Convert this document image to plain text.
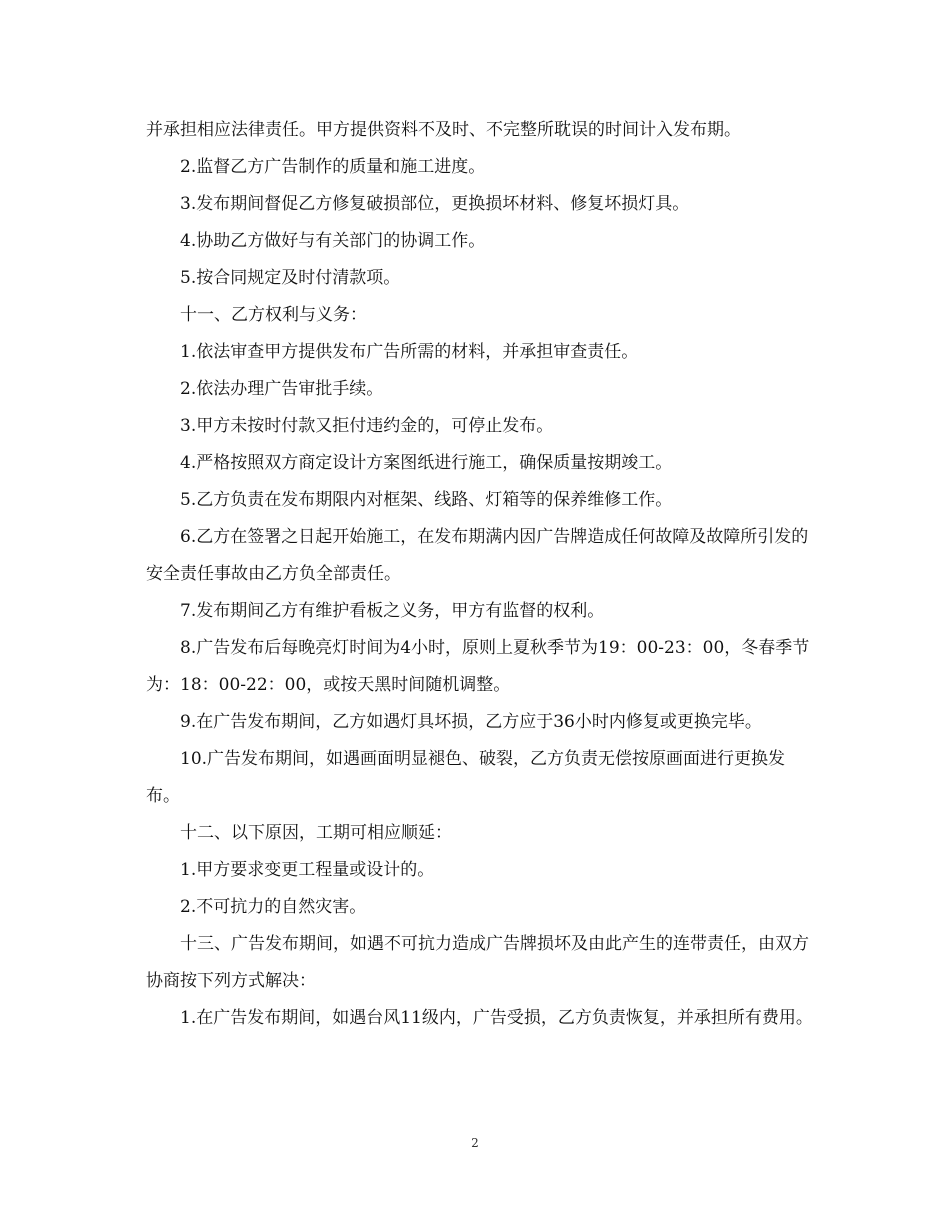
并承担相应法律责任。甲方提供资料不及时、不完整所耽误的时间计入发布期。

2.监督乙方广告制作的质量和施工进度。

3.发布期间督促乙方修复破损部位，更换损坏材料、修复坏损灯具。

4.协助乙方做好与有关部门的协调工作。

5.按合同规定及时付清款项。

十一、乙方权利与义务：

1.依法审查甲方提供发布广告所需的材料，并承担审查责任。

2.依法办理广告审批手续。

3.甲方未按时付款又拒付违约金的，可停止发布。

4.严格按照双方商定设计方案图纸进行施工，确保质量按期竣工。

5.乙方负责在发布期限内对框架、线路、灯箱等的保养维修工作。

6.乙方在签署之日起开始施工，在发布期满内因广告牌造成任何故障及故障所引发的安全责任事故由乙方负全部责任。

7.发布期间乙方有维护看板之义务，甲方有监督的权利。

8.广告发布后每晚亮灯时间为4小时，原则上夏秋季节为19：00-23：00，冬春季节为：18：00-22：00，或按天黑时间随机调整。

9.在广告发布期间，乙方如遇灯具坏损，乙方应于36小时内修复或更换完毕。

10.广告发布期间，如遇画面明显褪色、破裂，乙方负责无偿按原画面进行更换发布。

十二、以下原因，工期可相应顺延：

1.甲方要求变更工程量或设计的。

2.不可抗力的自然灾害。

十三、广告发布期间，如遇不可抗力造成广告牌损坏及由此产生的连带责任，由双方协商按下列方式解决：

1.在广告发布期间，如遇台风11级内，广告受损，乙方负责恢复，并承担所有费用。

2
